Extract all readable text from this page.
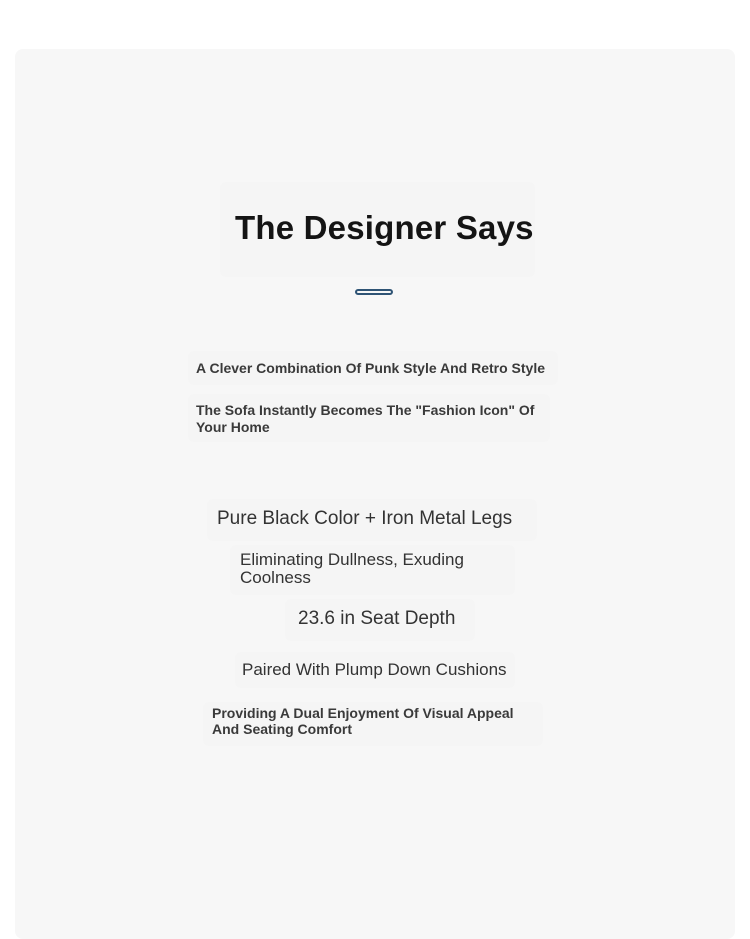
The Designer Says

A Clever Combination Of Punk Style And Retro Style

The Sofa Instantly Becomes The "Fashion Icon" Of Your Home

Pure Black Color + Iron Metal Legs

Eliminating Dullness, Exuding Coolness

23.6 in Seat Depth

Paired With Plump Down Cushions

Providing A Dual Enjoyment Of Visual Appeal And Seating Comfort
